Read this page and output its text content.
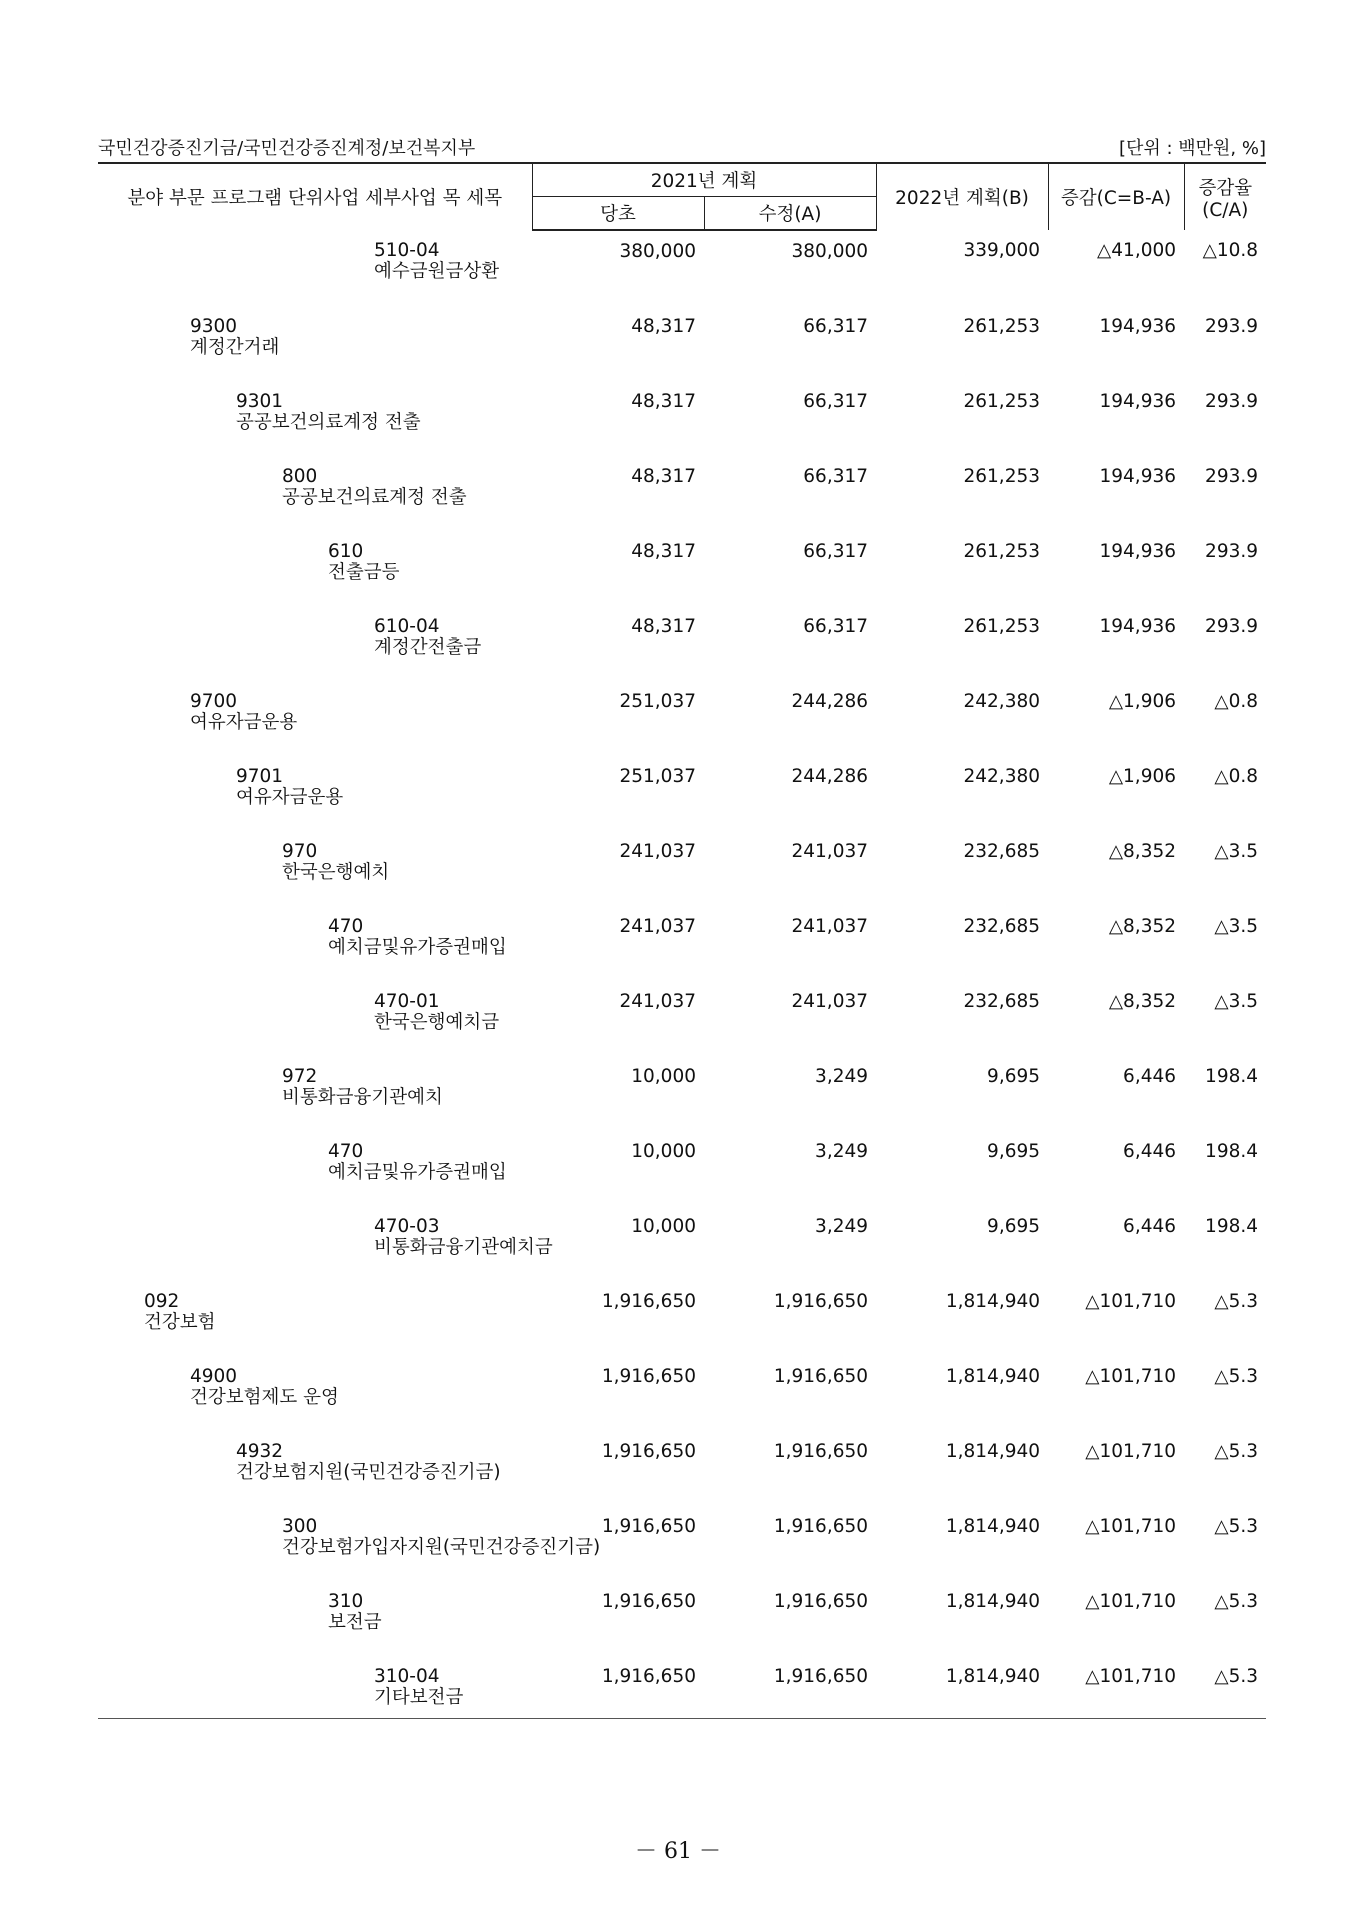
국민건강증진기금/국민건강증진계정/보건복지부	[단위 : 백만원, %]
분야 부문 프로그램 단위사업 세부사업 목 세목	2021년 계획		2022년 계획(B)	증감(C=B-A)	증감율
(C/A)

	당초	수정(A)			

510-04
예수금원금상환	380,000	380,000	339,000	△41,000	△10.8

9300
계정간거래	48,317	66,317	261,253	194,936	293.9

9301
공공보건의료계정 전출	48,317	66,317	261,253	194,936	293.9

800
공공보건의료계정 전출	48,317	66,317	261,253	194,936	293.9

610
전출금등	48,317	66,317	261,253	194,936	293.9

610-04
계정간전출금	48,317	66,317	261,253	194,936	293.9

9700
여유자금운용	251,037	244,286	242,380	△1,906	△0.8

9701
여유자금운용	251,037	244,286	242,380	△1,906	△0.8

970
한국은행예치	241,037	241,037	232,685	△8,352	△3.5

470
예치금및유가증권매입	241,037	241,037	232,685	△8,352	△3.5

470-01
한국은행예치금	241,037	241,037	232,685	△8,352	△3.5

972
비통화금융기관예치	10,000	3,249	9,695	6,446	198.4

470
예치금및유가증권매입	10,000	3,249	9,695	6,446	198.4

470-03
비통화금융기관예치금	10,000	3,249	9,695	6,446	198.4

092
건강보험	1,916,650	1,916,650	1,814,940	△101,710	△5.3

4900
건강보험제도 운영	1,916,650	1,916,650	1,814,940	△101,710	△5.3

4932
건강보험지원(국민건강증진기금)	1,916,650	1,916,650	1,814,940	△101,710	△5.3

300
건강보험가입자지원(국민건강증진기금)	1,916,650	1,916,650	1,814,940	△101,710	△5.3

310
보전금	1,916,650	1,916,650	1,814,940	△101,710	△5.3

310-04
기타보전금	1,916,650	1,916,650	1,814,940	△101,710	△5.3
－ 61 －
